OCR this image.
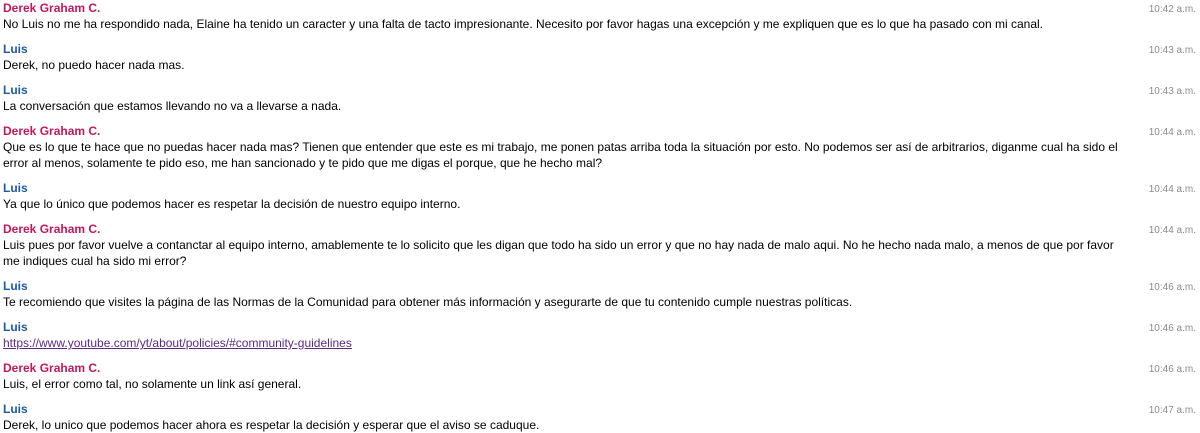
Derek Graham C.	10:42 a.m.
No Luis no me ha respondido nada, Elaine ha tenido un caracter y una falta de tacto impresionante. Necesito por favor hagas una excepción y me expliquen que es lo que ha pasado con mi canal.
Luis	10:43 a.m.
Derek, no puedo hacer nada mas.
Luis	10:43 a.m.
La conversación que estamos llevando no va a llevarse a nada.
Derek Graham C.	10:44 a.m.
Que es lo que te hace que no puedas hacer nada mas? Tienen que entender que este es mi trabajo, me ponen patas arriba toda la situación por esto. No podemos ser así de arbitrarios, diganme cual ha sido el error al menos, solamente te pido eso, me han sancionado y te pido que me digas el porque, que he hecho mal?
Luis	10:44 a.m.
Ya que lo único que podemos hacer es respetar la decisión de nuestro equipo interno.
Derek Graham C.	10:44 a.m.
Luis pues por favor vuelve a contanctar al equipo interno, amablemente te lo solicito que les digan que todo ha sido un error y que no hay nada de malo aqui. No he hecho nada malo, a menos de que por favor me indiques cual ha sido mi error?
Luis	10:46 a.m.
Te recomiendo que visites la página de las Normas de la Comunidad para obtener más información y asegurarte de que tu contenido cumple nuestras políticas.
Luis	10:46 a.m.
https://www.youtube.com/yt/about/policies/#community-guidelines
Derek Graham C.	10:46 a.m.
Luis, el error como tal, no solamente un link así general.
Luis	10:47 a.m.
Derek, lo unico que podemos hacer ahora es respetar la decisión y esperar que el aviso se caduque.
